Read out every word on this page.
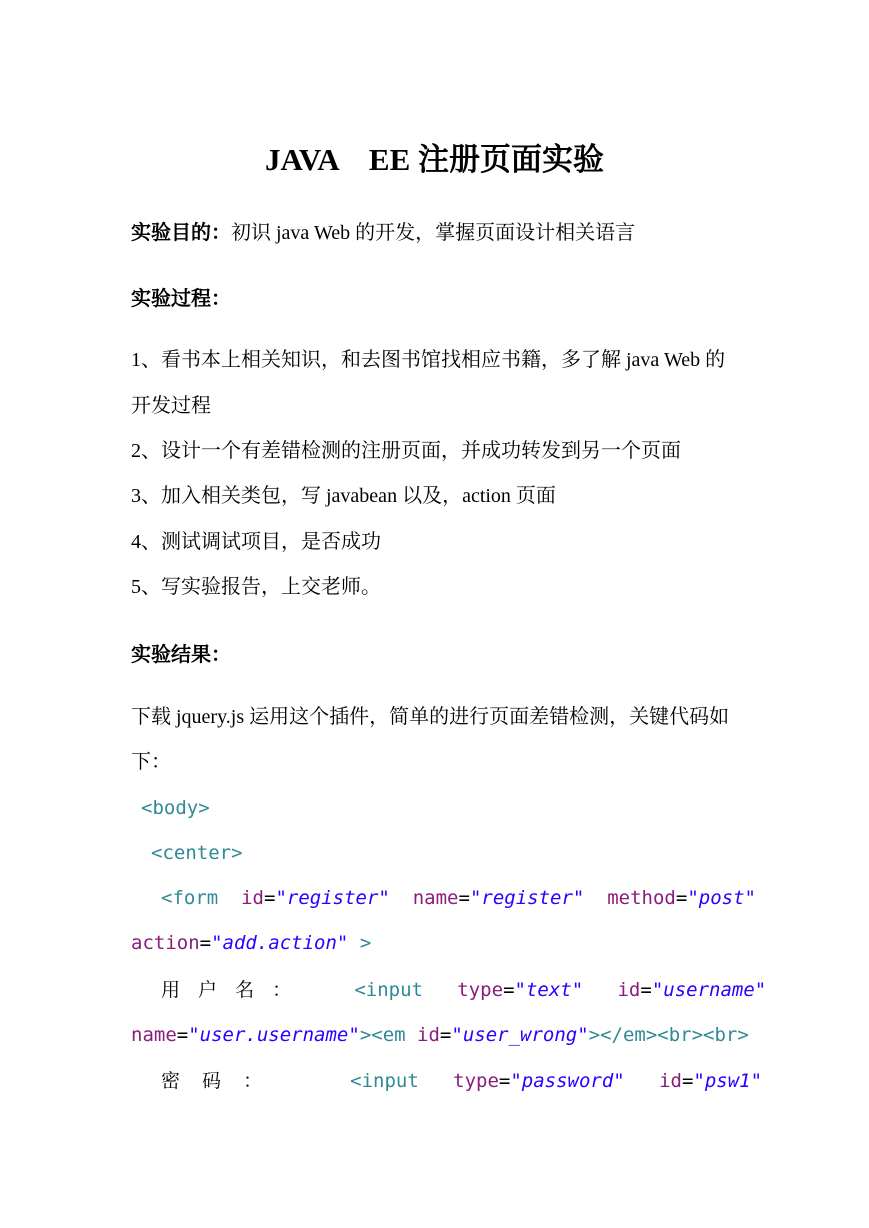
JAVA　EE 注册页面实验
实验目的：初识 java Web 的开发，掌握页面设计相关语言
实验过程：
1、看书本上相关知识，和去图书馆找相应书籍，多了解 java Web 的
开发过程
2、设计一个有差错检测的注册页面，并成功转发到另一个页面
3、加入相关类包，写 javabean 以及，action 页面
4、测试调试项目，是否成功
5、写实验报告，上交老师。
实验结果：
下载 jquery.js 运用这个插件，简单的进行页面差错检测，关键代码如
下：
<body>
<center>
<form id="register" name="register" method="post"
action="add.action" >
用 户 名 ：	<input type="text" id="username"
name="user.username"><em id="user_wrong"></em><br><br>
密 码 ：	<input type="password" id="psw1"
